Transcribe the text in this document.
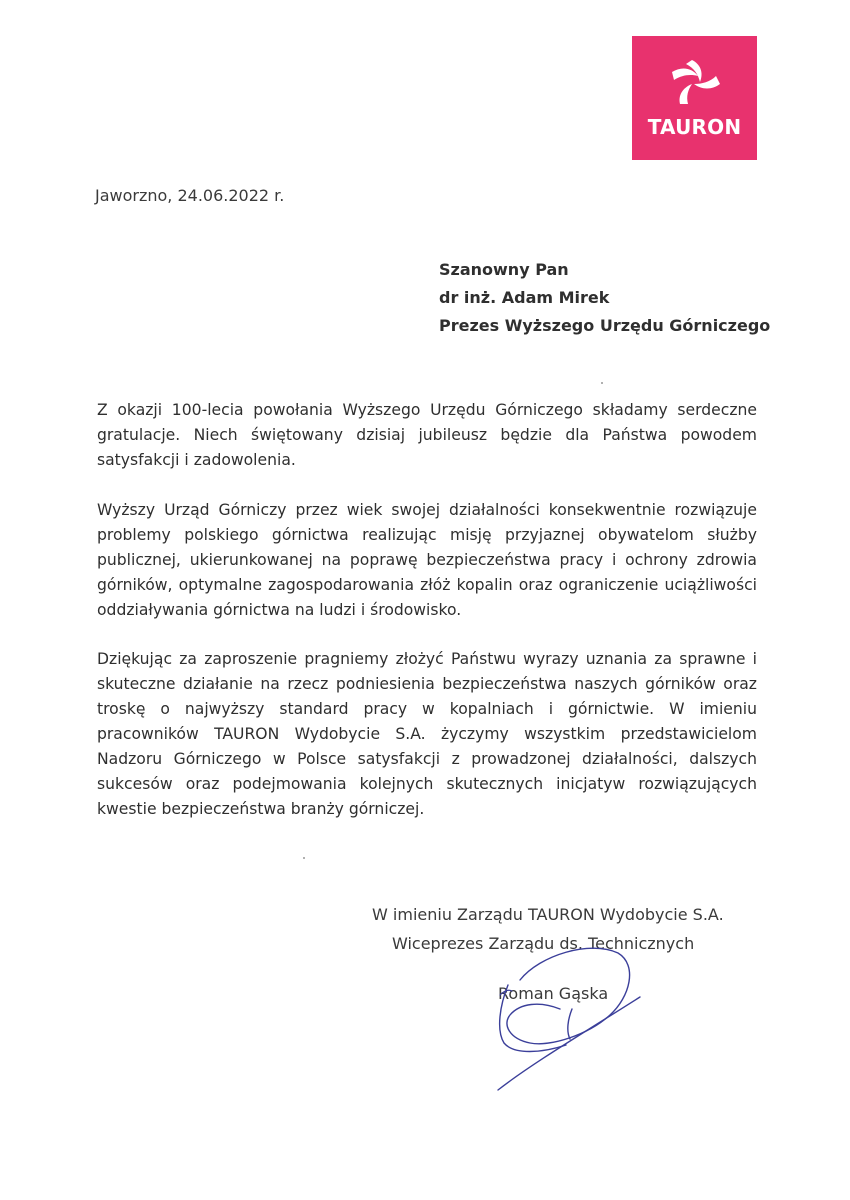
TAURON
Jaworzno, 24.06.2022 r.
Szanowny Pan
dr inż. Adam Mirek
Prezes Wyższego Urzędu Górniczego

Z okazji 100-lecia powołania Wyższego Urzędu Górniczego składamy serdeczne gratulacje. Niech świętowany dzisiaj jubileusz będzie dla Państwa powodem satysfakcji i zadowolenia.

Wyższy Urząd Górniczy przez wiek swojej działalności konsekwentnie rozwiązuje problemy polskiego górnictwa realizując misję przyjaznej obywatelom służby publicznej, ukierunkowanej na poprawę bezpieczeństwa pracy i ochrony zdrowia górników, optymalne zagospodarowania złóż kopalin oraz ograniczenie uciążliwości oddziaływania górnictwa na ludzi i środowisko.

Dziękując za zaproszenie pragniemy złożyć Państwu wyrazy uznania za sprawne i skuteczne działanie na rzecz podniesienia bezpieczeństwa naszych górników oraz troskę o najwyższy standard pracy w kopalniach i górnictwie. W imieniu pracowników TAURON Wydobycie S.A. życzymy wszystkim przedstawicielom Nadzoru Górniczego w Polsce satysfakcji z prowadzonej działalności, dalszych sukcesów oraz podejmowania kolejnych skutecznych inicjatyw rozwiązujących kwestie bezpieczeństwa branży górniczej.

W imieniu Zarządu TAURON Wydobycie S.A.
Wiceprezes Zarządu ds. Technicznych
Roman Gąska
